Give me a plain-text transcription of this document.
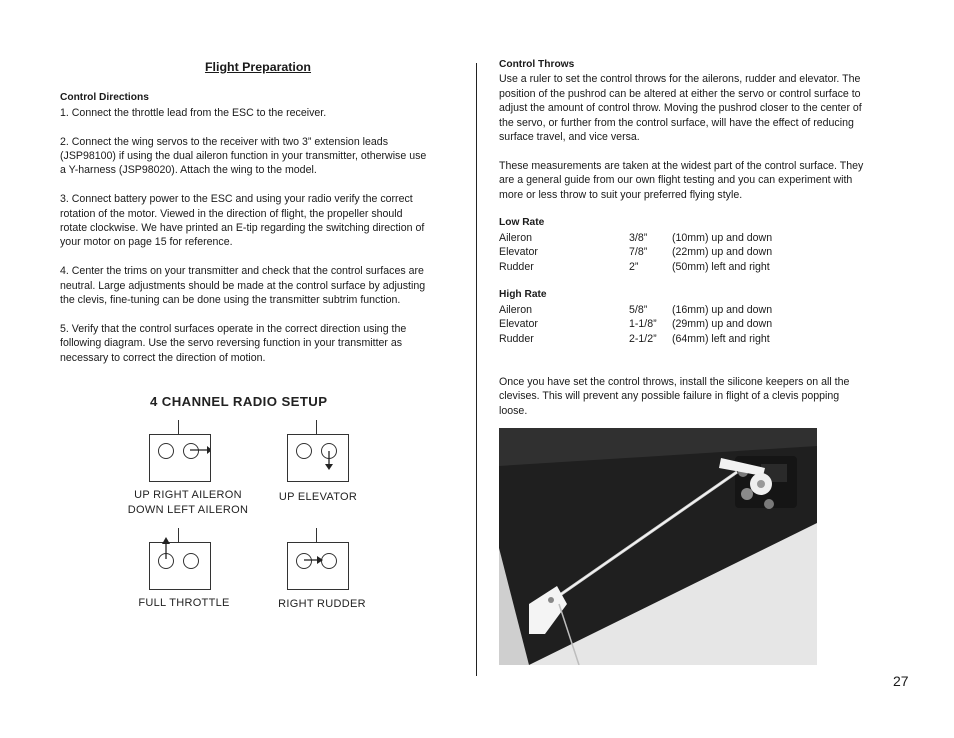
Flight Preparation
Control Directions

1. Connect the throttle lead from the ESC to the receiver.

2. Connect the wing servos to the receiver with two 3” extension leads

(JSP98100) if using the dual aileron function in your transmitter, otherwise use

a Y-harness (JSP98020). Attach the wing to the model.

3. Connect battery power to the ESC and using your radio verify the correct

rotation of the motor. Viewed in the direction of flight, the propeller should

rotate clockwise. We have printed an E-tip regarding the switching direction of

your motor on page 15 for reference.

4. Center the trims on your transmitter and check that the control surfaces are

neutral. Large adjustments should be made at the control surface by adjusting

the clevis, fine-tuning can be done using the transmitter subtrim function.

5. Verify that the control surfaces operate in the correct direction using the

following diagram. Use the servo reversing function in your transmitter as

necessary to correct the direction of motion.

4 CHANNEL RADIO SETUP
UP RIGHT AILERON
DOWN LEFT AILERON
UP ELEVATOR
FULL THROTTLE	RIGHT RUDDER
Control Throws

Use a ruler to set the control throws for the ailerons, rudder and elevator. The

position of the pushrod can be altered at either the servo or control surface to

adjust the amount of control throw. Moving the pushrod closer to the center of

the servo, or further from the control surface, will have the effect of reducing

surface travel, and vice versa.

These measurements are taken at the widest part of the control surface. They

are a general guide from our own flight testing and you can experiment with

more or less throw to suit your preferred flying style.

Low Rate
Aileron	3/8”	(10mm) up and down
Elevator	7/8”	(22mm) up and down
Rudder	2”	(50mm) left and right
High Rate
Aileron	5/8”	(16mm) up and down
Elevator	1-1/8”	(29mm) up and down
Rudder	2-1/2”	(64mm) left and right

Once you have set the control throws, install the silicone keepers on all the

clevises. This will prevent any possible failure in flight of a clevis popping

loose.

27
